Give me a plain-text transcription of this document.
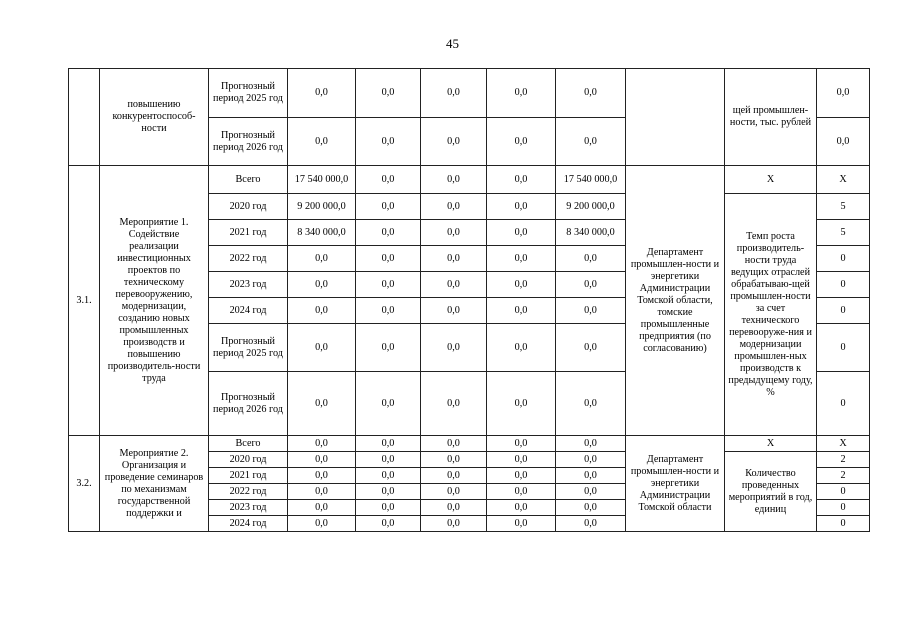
45
	повышению конкурентоспособ-ности	Прогнозный период 2025 год	0,0	0,0	0,0	0,0	0,0		щей промышлен-ности, тыс. рублей	0,0
		Прогнозный период 2026 год	0,0	0,0	0,0	0,0	0,0			0,0
3.1.	Мероприятие 1. Содействие реализации инвестиционных проектов по техническому перевооружению, модернизации, созданию новых промышленных производств и повышению производитель-ности труда	Всего	17 540 000,0	0,0	0,0	0,0	17 540 000,0	Департамент промышлен-ности и энергетики Администрации Томской области, томские промышленные предприятия (по согласованию)	Х	Х
		2020 год	9 200 000,0	0,0	0,0	0,0	9 200 000,0		Темп роста производитель-ности труда ведущих отраслей обрабатываю-щей промышлен-ности за счет технического перевооруже-ния и модернизации промышлен-ных производств к предыдущему году, %	5
		2021 год	8 340 000,0	0,0	0,0	0,0	8 340 000,0			5
		2022 год	0,0	0,0	0,0	0,0	0,0			0
		2023 год	0,0	0,0	0,0	0,0	0,0			0
		2024 год	0,0	0,0	0,0	0,0	0,0			0
		Прогнозный период 2025 год	0,0	0,0	0,0	0,0	0,0			0
		Прогнозный период 2026 год	0,0	0,0	0,0	0,0	0,0			0
3.2.	Мероприятие 2. Организация и проведение семинаров по механизмам государственной поддержки и	Всего	0,0	0,0	0,0	0,0	0,0	Департамент промышлен-ности и энергетики Администрации Томской области	Х	Х
		2020 год	0,0	0,0	0,0	0,0	0,0		Количество проведенных мероприятий в год, единиц	2
		2021 год	0,0	0,0	0,0	0,0	0,0			2
		2022 год	0,0	0,0	0,0	0,0	0,0			0
		2023 год	0,0	0,0	0,0	0,0	0,0			0
		2024 год	0,0	0,0	0,0	0,0	0,0			0
